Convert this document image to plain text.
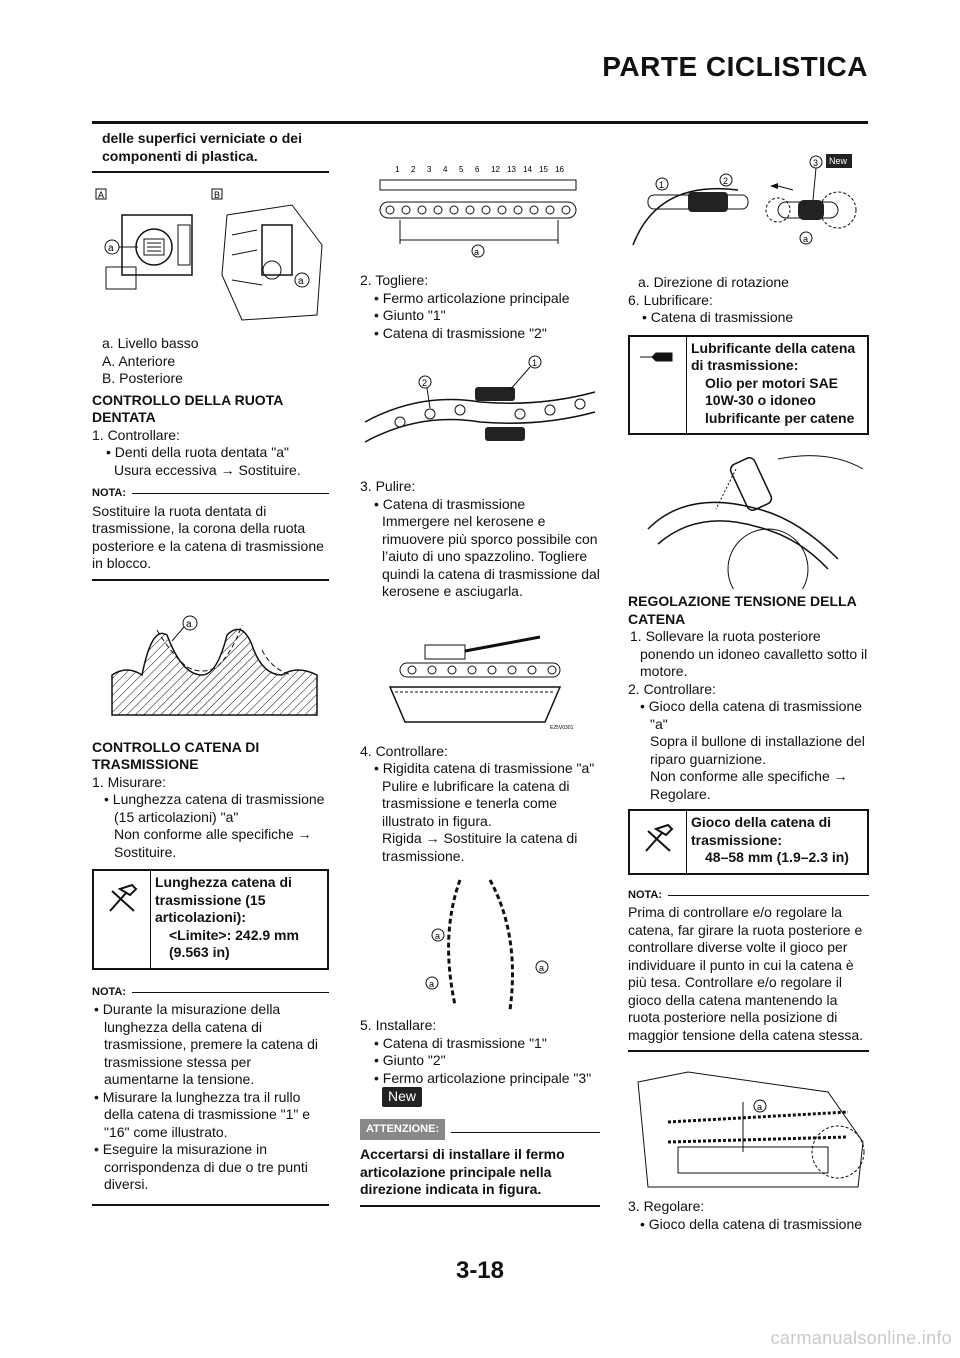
PARTE CICLISTICA
delle superfici verniciate o dei componenti di plastica.
A	B
a
a
a. Livello basso
A. Anteriore
B. Posteriore
CONTROLLO DELLA RUOTA DENTATA
1. Controllare:
• Denti della ruota dentata "a"
Usura eccessiva → Sostituire.
NOTA:
Sostituire la ruota dentata di trasmissione, la corona della ruota posteriore e la catena di trasmissione in blocco.
a
CONTROLLO CATENA DI TRASMISSIONE
1. Misurare:
• Lunghezza catena di trasmissione (15 articolazioni) "a"
Non conforme alle specifiche → Sostituire.
Lunghezza catena di trasmissione (15 articolazioni):
<Limite>: 242.9 mm
(9.563 in)
NOTA:
• Durante la misurazione della lunghezza della catena di trasmissione, premere la catena di trasmissione stessa per aumentarne la tensione.
• Misurare la lunghezza tra il rullo della catena di trasmissione "1" e "16" come illustrato.
• Eseguire la misurazione in corrispondenza di due o tre punti diversi.
1 2 3 4 5 6 12 13 14 15 16
a
2. Togliere:
• Fermo articolazione principale
• Giunto "1"
• Catena di trasmissione "2"
1
2
3. Pulire:
• Catena di trasmissione
Immergere nel kerosene e rimuovere più sporco possibile con l’aiuto di uno spazzolino. Togliere quindi la catena di trasmissione dal kerosene e asciugarla.
E25V0301
4. Controllare:
• Rigidita catena di trasmissione "a"
Pulire e lubrificare la catena di trasmissione e tenerla come illustrato in figura.
Rigida → Sostituire la catena di trasmissione.
a
a
a
5. Installare:
• Catena di trasmissione "1"
• Giunto "2"
• Fermo articolazione principale "3"
New
ATTENZIONE:
Accertarsi di installare il fermo articolazione principale nella direzione indicata in figura.
1	2
3 New
a
a. Direzione di rotazione
6. Lubrificare:
• Catena di trasmissione
Lubrificante della catena di trasmissione:
Olio per motori SAE 10W-30 o idoneo lubrificante per catene
REGOLAZIONE TENSIONE DELLA CATENA
1. Sollevare la ruota posteriore ponendo un idoneo cavalletto sotto il motore.
2. Controllare:
• Gioco della catena di trasmissione "a"
Sopra il bullone di installazione del riparo guarnizione.
Non conforme alle specifiche → Regolare.
Gioco della catena di trasmissione:
48–58 mm (1.9–2.3 in)
NOTA:
Prima di controllare e/o regolare la catena, far girare la ruota posteriore e controllare diverse volte il gioco per individuare il punto in cui la catena è più tesa. Controllare e/o regolare il gioco della catena mantenendo la ruota posteriore nella posizione di maggior tensione della catena stessa.
a
3. Regolare:
• Gioco della catena di trasmissione
3-18
carmanualsonline.info
